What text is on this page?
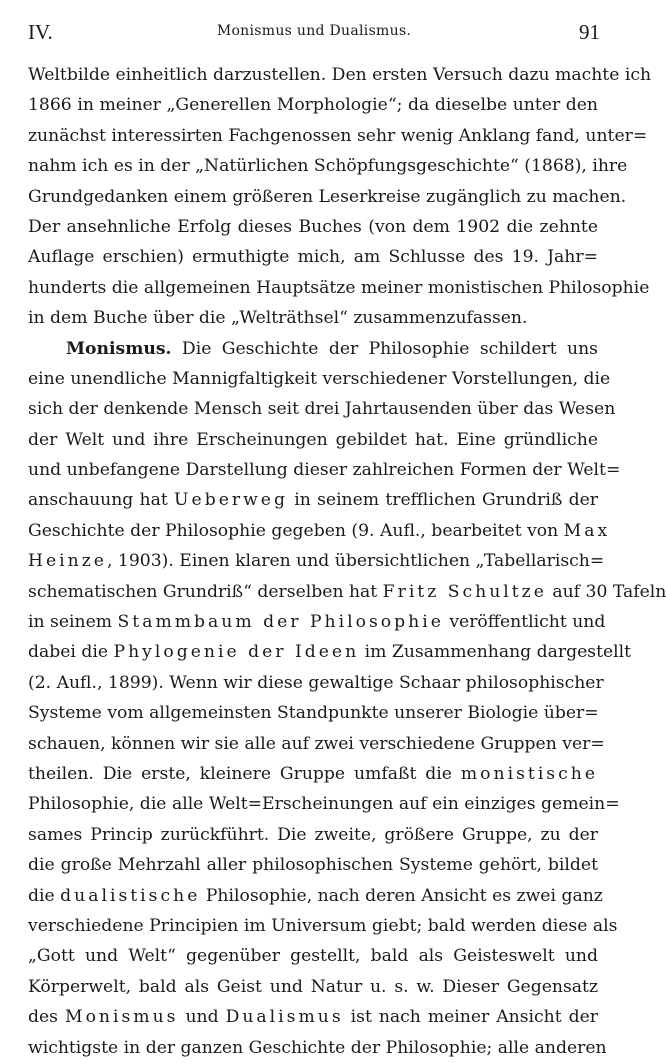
IV.	Monismus und Dualismus.	91
Weltbilde einheitlich darzustellen. Den ersten Versuch dazu machte ich
1866 in meiner „Generellen Morphologie“; da dieselbe unter den
zunächst interessirten Fachgenossen sehr wenig Anklang fand, unter=
nahm ich es in der „Natürlichen Schöpfungsgeschichte“ (1868), ihre
Grundgedanken einem größeren Leserkreise zugänglich zu machen.
Der ansehnliche Erfolg dieses Buches (von dem 1902 die zehnte
Auflage erschien) ermuthigte mich, am Schlusse des 19. Jahr=
hunderts die allgemeinen Hauptsätze meiner monistischen Philosophie
in dem Buche über die „Welträthsel“ zusammenzufassen.
Monismus. Die Geschichte der Philosophie schildert uns
eine unendliche Mannigfaltigkeit verschiedener Vorstellungen, die
sich der denkende Mensch seit drei Jahrtausenden über das Wesen
der Welt und ihre Erscheinungen gebildet hat. Eine gründliche
und unbefangene Darstellung dieser zahlreichen Formen der Welt=
anschauung hat Ueberweg in seinem trefflichen Grundriß der
Geschichte der Philosophie gegeben (9. Aufl., bearbeitet von Max
Heinze, 1903). Einen klaren und übersichtlichen „Tabellarisch=
schematischen Grundriß“ derselben hat Fritz Schultze auf 30 Tafeln
in seinem Stammbaum der Philosophie veröffentlicht und
dabei die Phylogenie der Ideen im Zusammenhang dargestellt
(2. Aufl., 1899). Wenn wir diese gewaltige Schaar philosophischer
Systeme vom allgemeinsten Standpunkte unserer Biologie über=
schauen, können wir sie alle auf zwei verschiedene Gruppen ver=
theilen. Die erste, kleinere Gruppe umfaßt die monistische
Philosophie, die alle Welt=Erscheinungen auf ein einziges gemein=
sames Princip zurückführt. Die zweite, größere Gruppe, zu der
die große Mehrzahl aller philosophischen Systeme gehört, bildet
die dualistische Philosophie, nach deren Ansicht es zwei ganz
verschiedene Principien im Universum giebt; bald werden diese als
„Gott und Welt“ gegenüber gestellt, bald als Geisteswelt und
Körperwelt, bald als Geist und Natur u. s. w. Dieser Gegensatz
des Monismus und Dualismus ist nach meiner Ansicht der
wichtigste in der ganzen Geschichte der Philosophie; alle anderen
